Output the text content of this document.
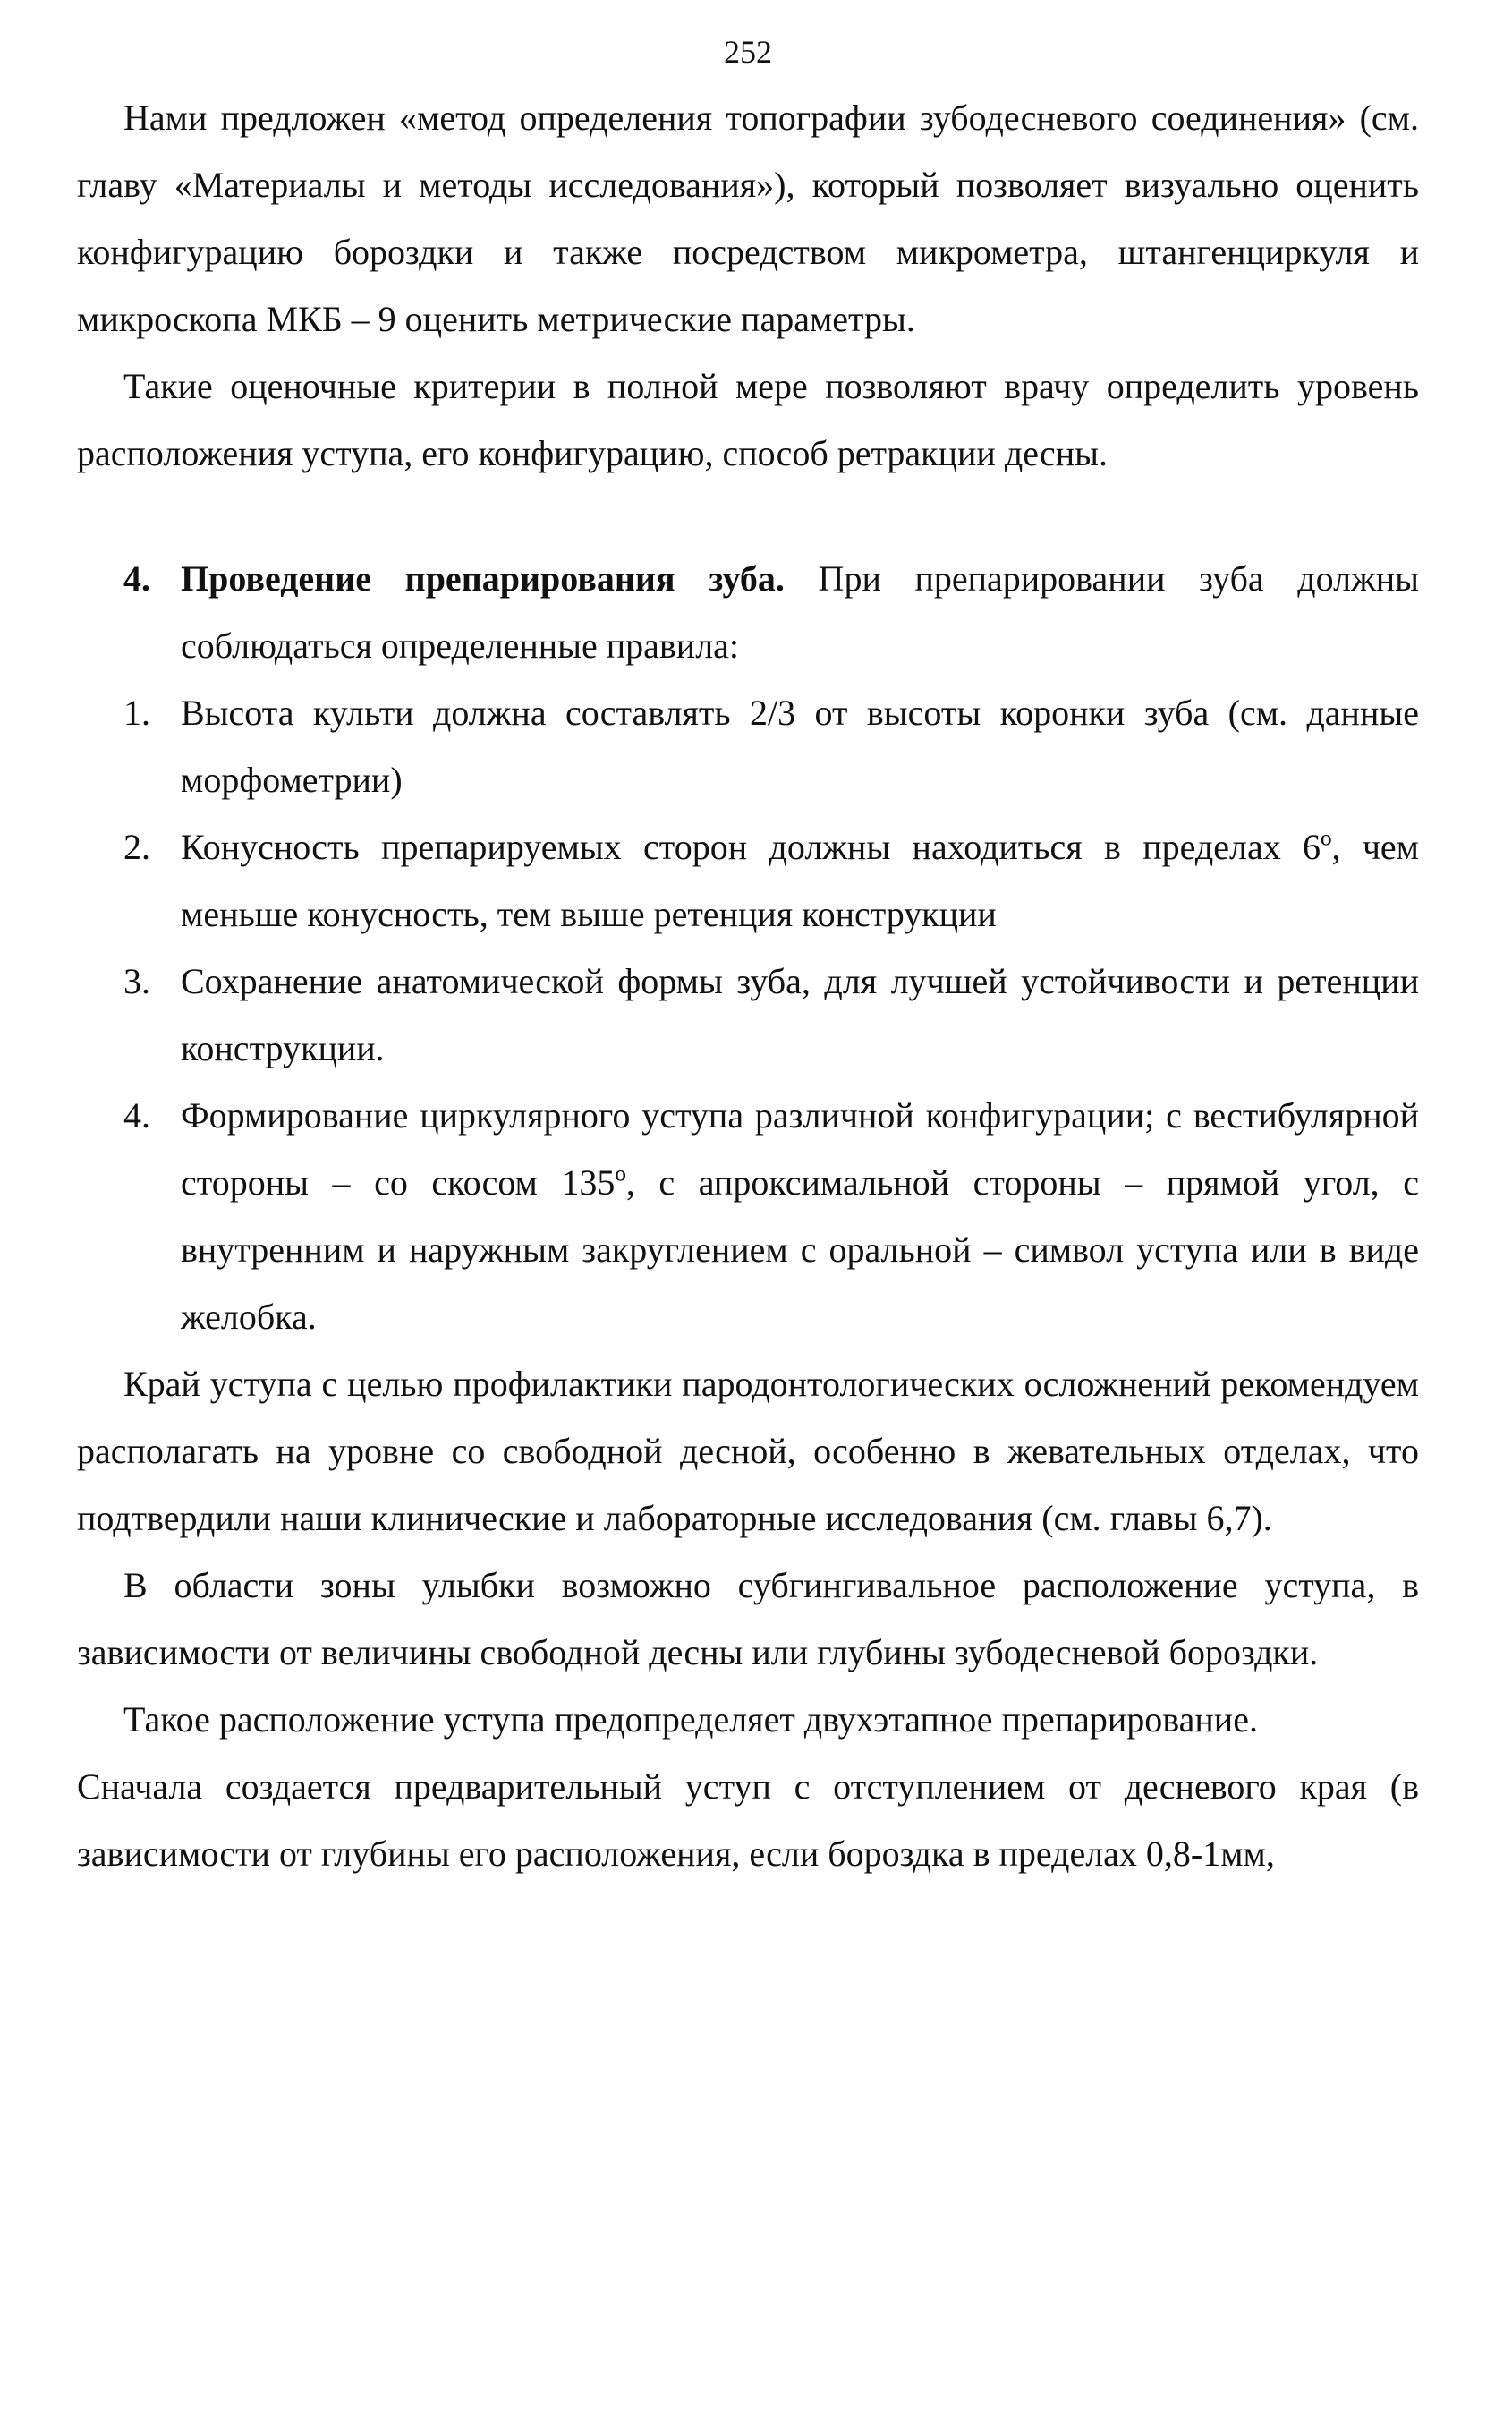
252

Нами предложен «метод определения топографии зубодесневого соединения» (см. главу «Материалы и методы исследования»), который позволяет визуально оценить конфигурацию бороздки и также посредством микрометра, штангенциркуля и микроскопа МКБ – 9 оценить метрические параметры.

Такие оценочные критерии в полной мере позволяют врачу определить уровень расположения уступа, его конфигурацию, способ ретракции десны.

4. Проведение препарирования зуба. При препарировании зуба должны соблюдаться определенные правила:

1. Высота культи должна составлять 2/3 от высоты коронки зуба (см. данные морфометрии)
2. Конусность препарируемых сторон должны находиться в пределах 6º, чем меньше конусность, тем выше ретенция конструкции
3. Сохранение анатомической формы зуба, для лучшей устойчивости и ретенции конструкции.
4. Формирование циркулярного уступа различной конфигурации; с вестибулярной стороны – со скосом 135º, с апроксимальной стороны – прямой угол, с внутренним и наружным закруглением с оральной – символ уступа или в виде желобка.

Край уступа с целью профилактики пародонтологических осложнений рекомендуем располагать на уровне со свободной десной, особенно в жевательных отделах, что подтвердили наши клинические и лабораторные исследования (см. главы 6,7).

В области зоны улыбки возможно субгингивальное расположение уступа, в зависимости от величины свободной десны или глубины зубодесневой бороздки.

Такое расположение уступа предопределяет двухэтапное препарирование.

Сначала создается предварительный уступ с отступлением от десневого края (в зависимости от глубины его расположения, если бороздка в пределах 0,8-1мм,
